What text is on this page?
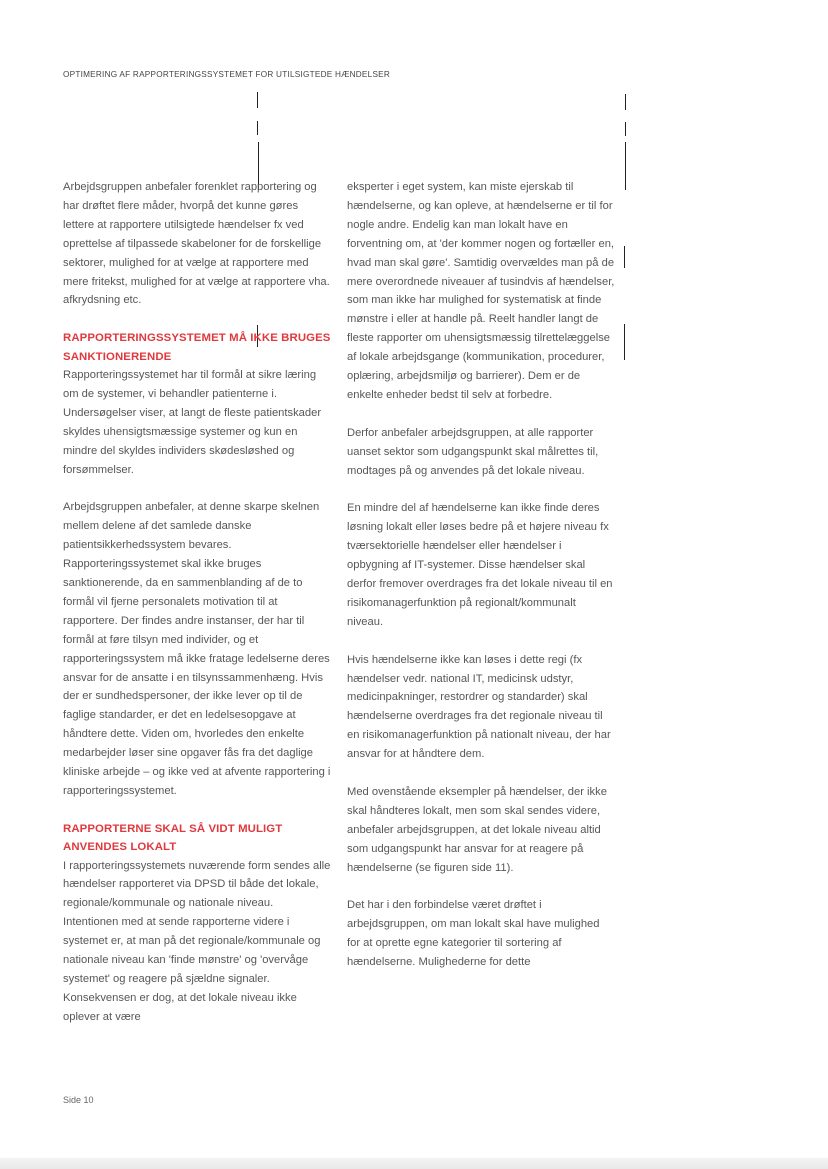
OPTIMERING AF RAPPORTERINGSSYSTEMET FOR UTILSIGTEDE HÆNDELSER

Arbejdsgruppen anbefaler forenklet rapportering og har drøftet flere måder, hvorpå det kunne gøres lettere at rapportere utilsigtede hændelser fx ved oprettelse af tilpassede skabeloner for de forskellige sektorer, mulighed for at vælge at rapportere med mere fritekst, mulighed for at vælge at rapportere vha. afkrydsning etc.

RAPPORTERINGSSYSTEMET MÅ IKKE BRUGES SANKTIONERENDE

Rapporteringssystemet har til formål at sikre læring om de systemer, vi behandler patienterne i. Undersøgelser viser, at langt de fleste patientskader skyldes uhensigtsmæssige systemer og kun en mindre del skyldes individers skødesløshed og forsømmelser.

Arbejdsgruppen anbefaler, at denne skarpe skelnen mellem delene af det samlede danske patientsikkerhedssystem bevares. Rapporteringssystemet skal ikke bruges sanktionerende, da en sammenblanding af de to formål vil fjerne personalets motivation til at rapportere. Der findes andre instanser, der har til formål at føre tilsyn med individer, og et rapporteringssystem må ikke fratage ledelserne deres ansvar for de ansatte i en tilsynssammenhæng. Hvis der er sundhedspersoner, der ikke lever op til de faglige standarder, er det en ledelsesopgave at håndtere dette. Viden om, hvorledes den enkelte medarbejder løser sine opgaver fås fra det daglige kliniske arbejde – og ikke ved at afvente rapportering i rapporteringssystemet.

RAPPORTERNE SKAL SÅ VIDT MULIGT ANVENDES LOKALT

I rapporteringssystemets nuværende form sendes alle hændelser rapporteret via DPSD til både det lokale, regionale/kommunale og nationale niveau. Intentionen med at sende rapporterne videre i systemet er, at man på det regionale/kommunale og nationale niveau kan 'finde mønstre' og 'overvåge systemet' og reagere på sjældne signaler. Konsekvensen er dog, at det lokale niveau ikke oplever at være

eksperter i eget system, kan miste ejerskab til hændelserne, og kan opleve, at hændelserne er til for nogle andre. Endelig kan man lokalt have en forventning om, at 'der kommer nogen og fortæller en, hvad man skal gøre'. Samtidig overvældes man på de mere overordnede niveauer af tusindvis af hændelser, som man ikke har mulighed for systematisk at finde mønstre i eller at handle på. Reelt handler langt de fleste rapporter om uhensigtsmæssig tilrettelæggelse af lokale arbejdsgange (kommunikation, procedurer, oplæring, arbejdsmiljø og barrierer). Dem er de enkelte enheder bedst til selv at forbedre.

Derfor anbefaler arbejdsgruppen, at alle rapporter uanset sektor som udgangspunkt skal målrettes til, modtages på og anvendes på det lokale niveau.

En mindre del af hændelserne kan ikke finde deres løsning lokalt eller løses bedre på et højere niveau fx tværsektorielle hændelser eller hændelser i opbygning af IT-systemer. Disse hændelser skal derfor fremover overdrages fra det lokale niveau til en risikomanagerfunktion på regionalt/kommunalt niveau.

Hvis hændelserne ikke kan løses i dette regi (fx hændelser vedr. national IT, medicinsk udstyr, medicinpakninger, restordrer og standarder) skal hændelserne overdrages fra det regionale niveau til en risikomanagerfunktion på nationalt niveau, der har ansvar for at håndtere dem.

Med ovenstående eksempler på hændelser, der ikke skal håndteres lokalt, men som skal sendes videre, anbefaler arbejdsgruppen, at det lokale niveau altid som udgangspunkt har ansvar for at reagere på hændelserne (se figuren side 11).

Det har i den forbindelse været drøftet i arbejdsgruppen, om man lokalt skal have mulighed for at oprette egne kategorier til sortering af hændelserne. Mulighederne for dette

Side 10
